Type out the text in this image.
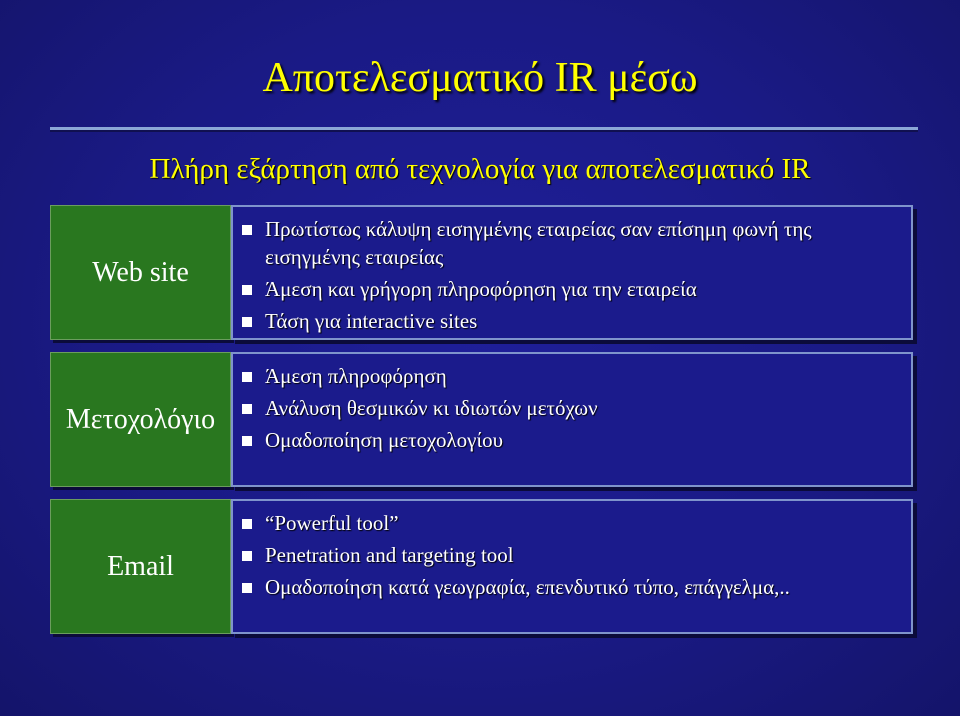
Αποτελεσματικό IR μέσω
Πλήρη εξάρτηση από τεχνολογία για αποτελεσματικό IR
Web site
Πρωτίστως κάλυψη εισηγμένης εταιρείας σαν επίσημη φωνή της εισηγμένης εταιρείας
Άμεση και γρήγορη πληροφόρηση για την εταιρεία
Τάση για interactive sites
Μετοχολόγιο
Άμεση πληροφόρηση
Ανάλυση θεσμικών κι ιδιωτών μετόχων
Ομαδοποίηση μετοχολογίου
Email
“Powerful tool”
Penetration and targeting tool
Ομαδοποίηση κατά γεωγραφία, επενδυτικό τύπο, επάγγελμα,..
